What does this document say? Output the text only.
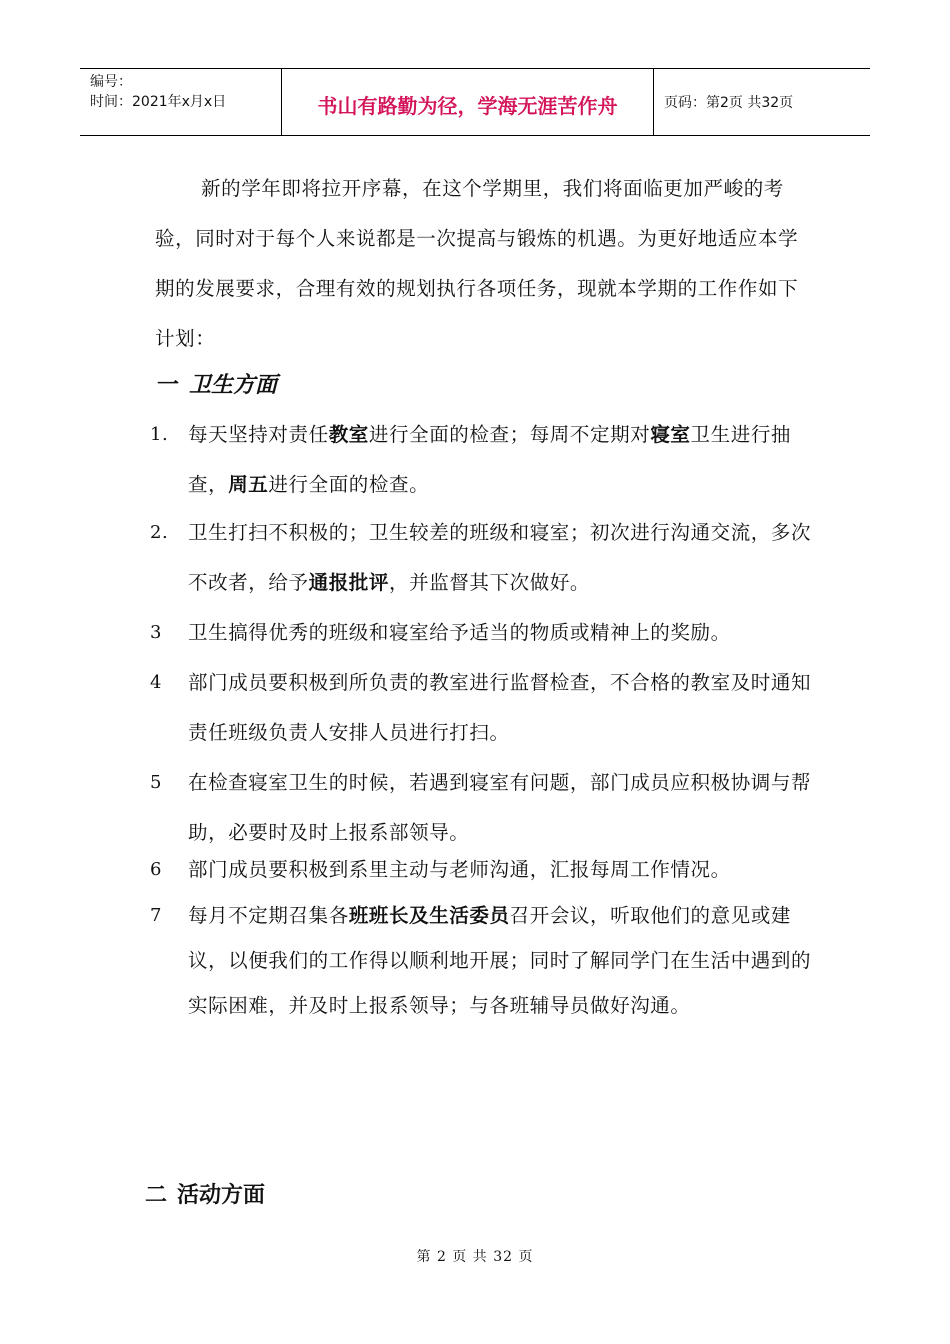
编号：
时间：2021年x月x日	书山有路勤为径，学海无涯苦作舟	页码：第2页 共32页

新的学年即将拉开序幕，在这个学期里，我们将面临更加严峻的考验，同时对于每个人来说都是一次提高与锻炼的机遇。为更好地适应本学期的发展要求，合理有效的规划执行各项任务，现就本学期的工作作如下计划：

一 卫生方面
1.	每天坚持对责任教室进行全面的检查；每周不定期对寝室卫生进行抽查，周五进行全面的检查。
2.	卫生打扫不积极的；卫生较差的班级和寝室；初次进行沟通交流，多次不改者，给予通报批评，并监督其下次做好。
3	卫生搞得优秀的班级和寝室给予适当的物质或精神上的奖励。
4	部门成员要积极到所负责的教室进行监督检查，不合格的教室及时通知责任班级负责人安排人员进行打扫。
5	在检查寝室卫生的时候，若遇到寝室有问题，部门成员应积极协调与帮助，必要时及时上报系部领导。
6	部门成员要积极到系里主动与老师沟通，汇报每周工作情况。
7	每月不定期召集各班班长及生活委员召开会议，听取他们的意见或建议，以便我们的工作得以顺利地开展；同时了解同学门在生活中遇到的实际困难，并及时上报系领导；与各班辅导员做好沟通。
二 活动方面
第 2 页 共 32 页
